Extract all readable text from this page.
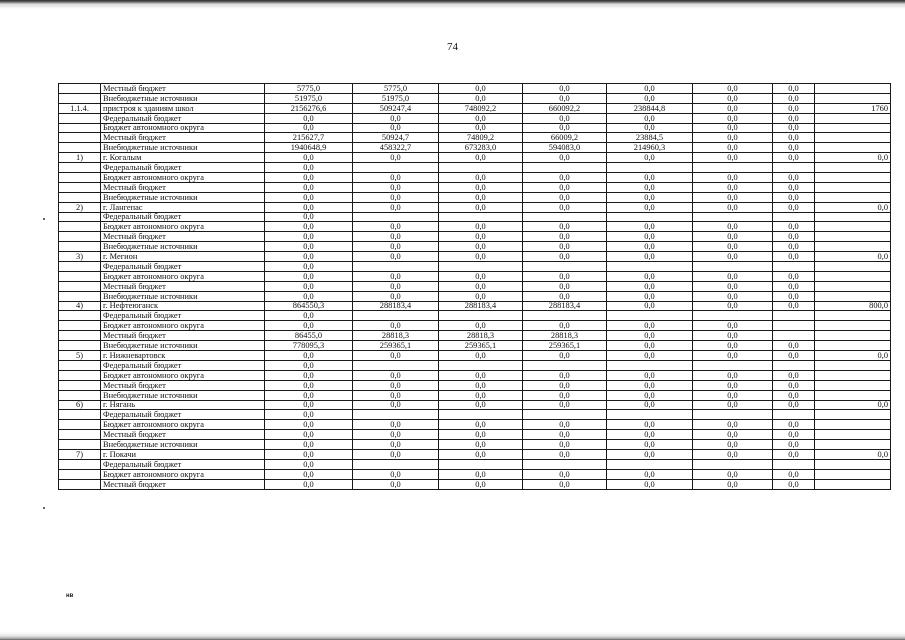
74
	Местный бюджет	5775,0	5775,0	0,0	0,0	0,0	0,0	0,0	
	Внебюджетные источники	51975,0	51975,0	0,0	0,0	0,0	0,0	0,0	
1.1.4.	пристроя к зданиям школ	2156276,6	509247,4	748092,2	660092,2	238844,8	0,0	0,0	1760
	Федеральный бюджет	0,0	0,0	0,0	0,0	0,0	0,0	0,0	
	Бюджет автономного округа	0,0	0,0	0,0	0,0	0,0	0,0	0,0	
	Местный бюджет	215627,7	50924,7	74809,2	66009,2	23884,5	0,0	0,0	
	Внебюджетные источники	1940648,9	458322,7	673283,0	594083,0	214960,3	0,0	0,0	
1)	г. Когалым	0,0	0,0	0,0	0,0	0,0	0,0	0,0	0,0
	Федеральный бюджет	0,0							
	Бюджет автономного округа	0,0	0,0	0,0	0,0	0,0	0,0	0,0	
	Местный бюджет	0,0	0,0	0,0	0,0	0,0	0,0	0,0	
	Внебюджетные источники	0,0	0,0	0,0	0,0	0,0	0,0	0,0	
2)	г. Лангепас	0,0	0,0	0,0	0,0	0,0	0,0	0,0	0,0
	Федеральный бюджет	0,0							
	Бюджет автономного округа	0,0	0,0	0,0	0,0	0,0	0,0	0,0	
	Местный бюджет	0,0	0,0	0,0	0,0	0,0	0,0	0,0	
	Внебюджетные источники	0,0	0,0	0,0	0,0	0,0	0,0	0,0	
3)	г. Мегион	0,0	0,0	0,0	0,0	0,0	0,0	0,0	0,0
	Федеральный бюджет	0,0							
	Бюджет автономного округа	0,0	0,0	0,0	0,0	0,0	0,0	0,0	
	Местный бюджет	0,0	0,0	0,0	0,0	0,0	0,0	0,0	
	Внебюджетные источники	0,0	0,0	0,0	0,0	0,0	0,0	0,0	
4)	г. Нефтеюганск	864550,3	288183,4	288183,4	288183,4	0,0	0,0	0,0	800,0
	Федеральный бюджет	0,0							
	Бюджет автономного округа	0,0	0,0	0,0	0,0	0,0	0,0		
	Местный бюджет	86455,0	28818,3	28818,3	28818,3	0,0	0,0		
	Внебюджетные источники	778095,3	259365,1	259365,1	259365,1	0,0	0,0	0,0	
5)	г. Нижневартовск	0,0	0,0	0,0	0,0	0,0	0,0	0,0	0,0
	Федеральный бюджет	0,0							
	Бюджет автономного округа	0,0	0,0	0,0	0,0	0,0	0,0	0,0	
	Местный бюджет	0,0	0,0	0,0	0,0	0,0	0,0	0,0	
	Внебюджетные источники	0,0	0,0	0,0	0,0	0,0	0,0	0,0	
6)	г. Нягань	0,0	0,0	0,0	0,0	0,0	0,0	0,0	0,0
	Федеральный бюджет	0,0							
	Бюджет автономного округа	0,0	0,0	0,0	0,0	0,0	0,0	0,0	
	Местный бюджет	0,0	0,0	0,0	0,0	0,0	0,0	0,0	
	Внебюджетные источники	0,0	0,0	0,0	0,0	0,0	0,0	0,0	
7)	г. Покачи	0,0	0,0	0,0	0,0	0,0	0,0	0,0	0,0
	Федеральный бюджет	0,0							
	Бюджет автономного округа	0,0	0,0	0,0	0,0	0,0	0,0	0,0	
	Местный бюджет	0,0	0,0	0,0	0,0	0,0	0,0	0,0	
нв
